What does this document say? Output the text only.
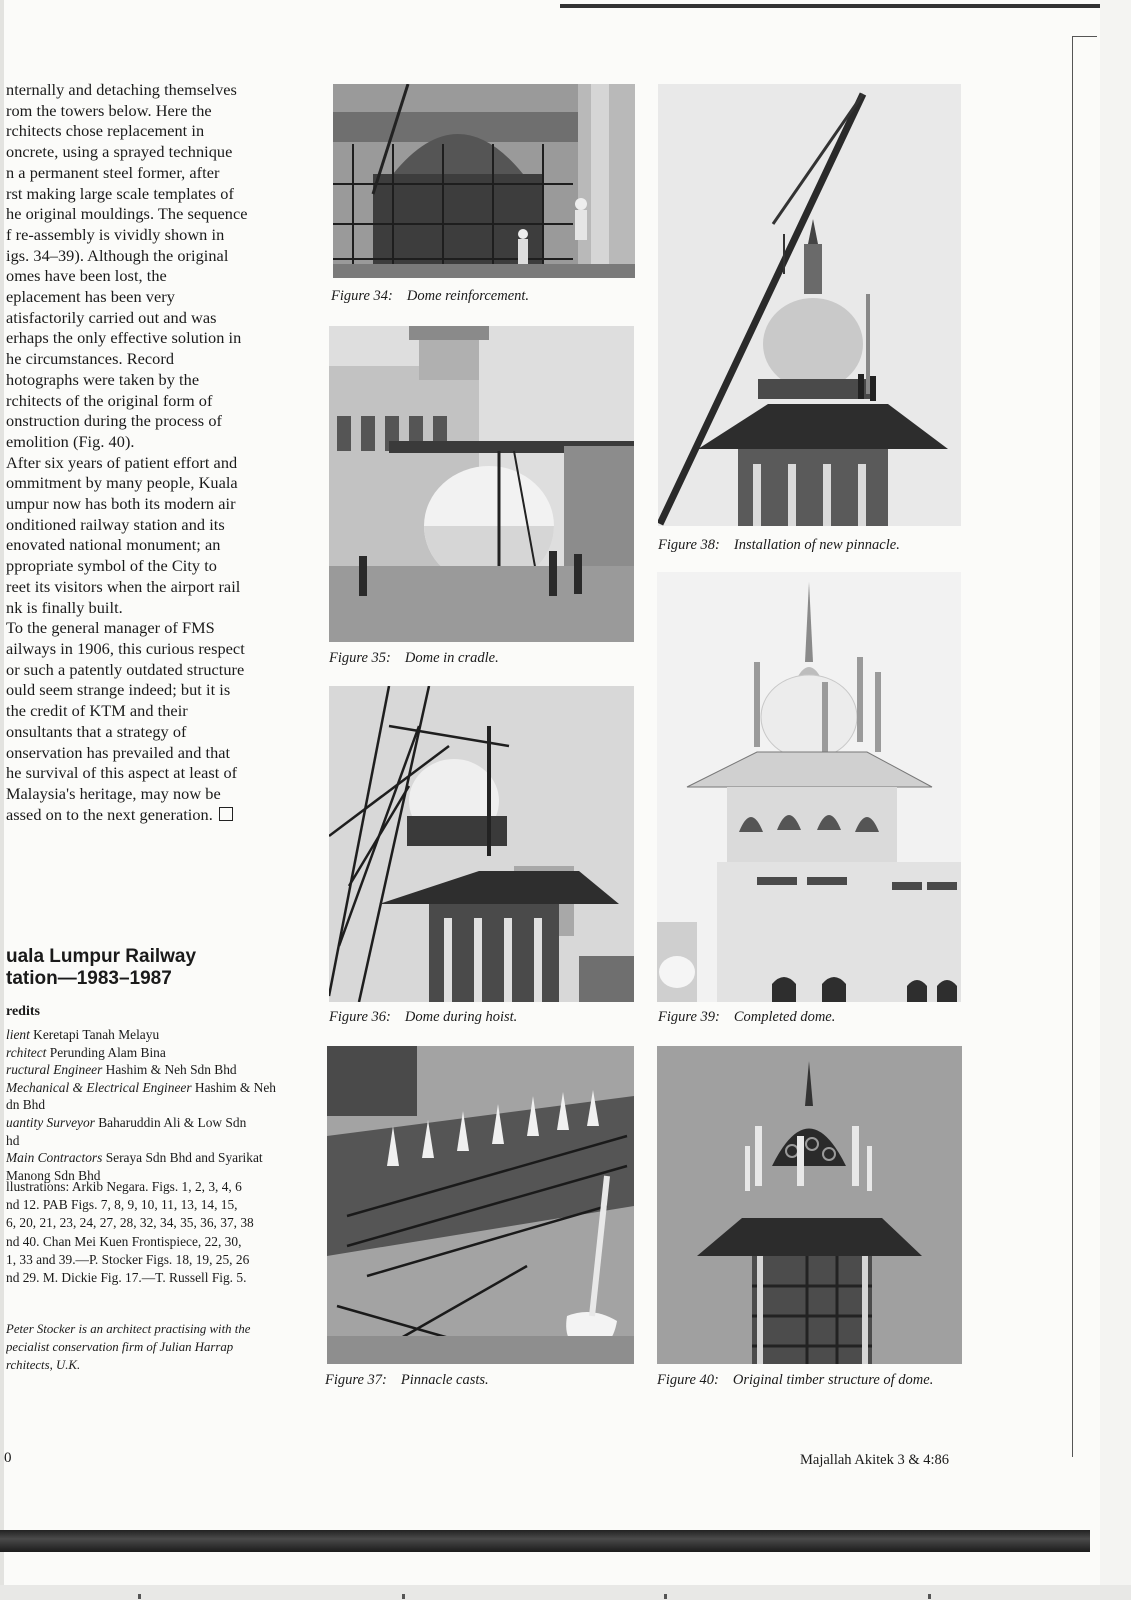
nternally and detaching themselves
rom the towers below. Here the
rchitects chose replacement in
oncrete, using a sprayed technique
n a permanent steel former, after
rst making large scale templates of
he original mouldings. The sequence
f re-assembly is vividly shown in
igs. 34–39). Although the original
omes have been lost, the
eplacement has been very
atisfactorily carried out and was
erhaps the only effective solution in
he circumstances. Record
hotographs were taken by the
rchitects of the original form of
onstruction during the process of
emolition (Fig. 40).
After six years of patient effort and
ommitment by many people, Kuala
umpur now has both its modern air
onditioned railway station and its
enovated national monument; an
ppropriate symbol of the City to
reet its visitors when the airport rail
nk is finally built.
To the general manager of FMS
ailways in 1906, this curious respect
or such a patently outdated structure
ould seem strange indeed; but it is
the credit of KTM and their
onsultants that a strategy of
onservation has prevailed and that
he survival of this aspect at least of
Malaysia's heritage, may now be
assed on to the next generation.
uala Lumpur Railway
tation—1983–1987
redits
lient Keretapi Tanah Melayu
rchitect Perunding Alam Bina
ructural Engineer Hashim & Neh Sdn Bhd
Mechanical & Electrical Engineer Hashim & Neh
dn Bhd
uantity Surveyor Baharuddin Ali & Low Sdn
hd
Main Contractors Seraya Sdn Bhd and Syarikat
Manong Sdn Bhd
llustrations: Arkib Negara. Figs. 1, 2, 3, 4, 6
nd 12. PAB Figs. 7, 8, 9, 10, 11, 13, 14, 15,
6, 20, 21, 23, 24, 27, 28, 32, 34, 35, 36, 37, 38
nd 40. Chan Mei Kuen Frontispiece, 22, 30,
1, 33 and 39.—P. Stocker Figs. 18, 19, 25, 26
nd 29. M. Dickie Fig. 17.—T. Russell Fig. 5.
Peter Stocker is an architect practising with the
pecialist conservation firm of Julian Harrap
rchitects, U.K.
Figure 34: Dome reinforcement.
Figure 35: Dome in cradle.
Figure 36: Dome during hoist.
Figure 37: Pinnacle casts.
Figure 38: Installation of new pinnacle.
Figure 39: Completed dome.
Figure 40: Original timber structure of dome.
0	Majallah Akitek 3 & 4:86
